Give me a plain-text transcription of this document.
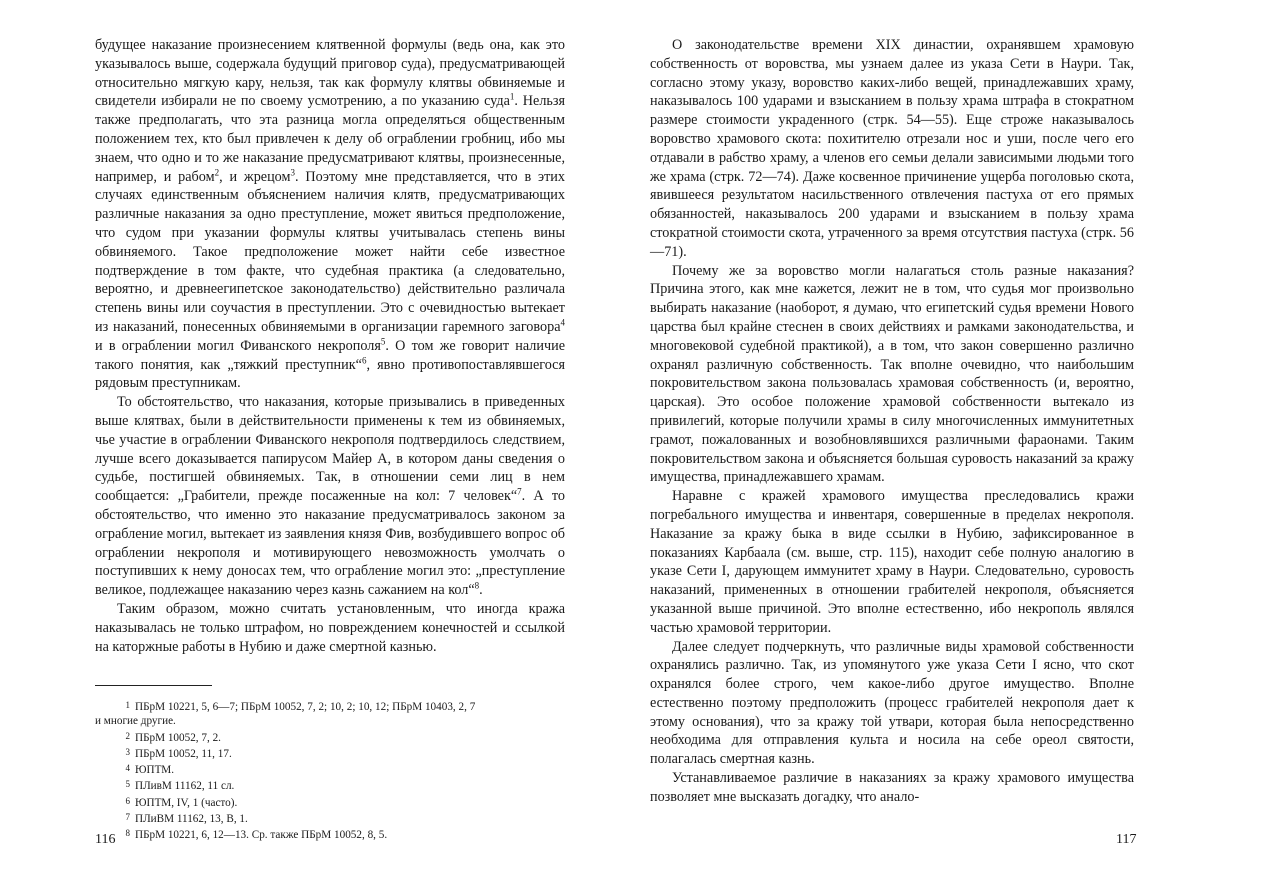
будущее наказание произнесением клятвенной формулы (ведь она, как это указывалось выше, содержала будущий приговор суда), предусматривающей относительно мягкую кару, нельзя, так как формулу клятвы обвиняемые и свидетели избирали не по своему усмотрению, а по указанию суда$^1$. Нельзя также предполагать, что эта разница могла определяться общественным положением тех, кто был привлечен к делу об ограблении гробниц, ибо мы знаем, что одно и то же наказание предусматривают клятвы, произнесенные, например, и рабом$^2$, и жрецом$^3$. Поэтому мне представляется, что в этих случаях единственным объяснением наличия клятв, предусматривающих различные наказания за одно преступление, может явиться предположение, что судом при указании формулы клятвы учитывалась степень вины обвиняемого. Такое предположение может найти себе известное подтверждение в том факте, что судебная практика (а следовательно, вероятно, и древнеегипетское законодательство) действительно различала степень вины или соучастия в преступлении. Это с очевидностью вытекает из наказаний, понесенных обвиняемыми в организации гаремного заговора$^4$ и в ограблении могил Фиванского некрополя$^5$. О том же говорит наличие такого понятия, как „тяжкий преступник“$^6$, явно противопоставлявшегося рядовым преступникам.

То обстоятельство, что наказания, которые призывались в приведенных выше клятвах, были в действительности применены к тем из обвиняемых, чье участие в ограблении Фиванского некрополя подтвердилось следствием, лучше всего доказывается папирусом Майер А, в котором даны сведения о судьбе, постигшей обвиняемых. Так, в отношении семи лиц в нем сообщается: „Грабители, прежде посаженные на кол: 7 человек“$^7$. А то обстоятельство, что именно это наказание предусматривалось законом за ограбление могил, вытекает из заявления князя Фив, возбудившего вопрос об ограблении некрополя и мотивирующего невозможность умолчать о поступивших к нему доносах тем, что ограбление могил это: „преступление великое, подлежащее наказанию через казнь сажанием на кол“$^8$.

Таким образом, можно считать установленным, что иногда кража наказывалась не только штрафом, но повреждением конечностей и ссылкой на каторжные работы в Нубию и даже смертной казнью.

1 ПБрМ 10221, 5, 6—7; ПБрМ 10052, 7, 2; 10, 2; 10, 12; ПБрМ 10403, 2, 7
и многие другие.
2 ПБрМ 10052, 7, 2.
3 ПБрМ 10052, 11, 17.
4 ЮПТМ.
5 ПЛивМ 11162, 11 сл.
6 ЮПТМ, IV, 1 (часто).
7 ПЛиВМ 11162, 13, В, 1.
8 ПБрМ 10221, 6, 12—13. Ср. также ПБрМ 10052, 8, 5.
116

О законодательстве времени XIX династии, охранявшем храмовую собственность от воровства, мы узнаем далее из указа Сети в Наури. Так, согласно этому указу, воровство каких-либо вещей, принадлежавших храму, наказывалось 100 ударами и взысканием в пользу храма штрафа в стократном размере стоимости украденного (стрк. 54—55). Еще строже наказывалось воровство храмового скота: похитителю отрезали нос и уши, после чего его отдавали в рабство храму, а членов его семьи делали зависимыми людьми того же храма (стрк. 72—74). Даже косвенное причинение ущерба поголовью скота, явившееся результатом насильственного отвлечения пастуха от его прямых обязанностей, наказывалось 200 ударами и взысканием в пользу храма стократной стоимости скота, утраченного за время отсутствия пастуха (стрк. 56—71).

Почему же за воровство могли налагаться столь разные наказания? Причина этого, как мне кажется, лежит не в том, что судья мог произвольно выбирать наказание (наоборот, я думаю, что египетский судья времени Нового царства был крайне стеснен в своих действиях и рамками законодательства, и многовековой судебной практикой), а в том, что закон совершенно различно охранял различную собственность. Так вполне очевидно, что наибольшим покровительством закона пользовалась храмовая собственность (и, вероятно, царская). Это особое положение храмовой собственности вытекало из привилегий, которые получили храмы в силу многочисленных иммунитетных грамот, пожалованных и возобновлявшихся различными фараонами. Таким покровительством закона и объясняется большая суровость наказаний за кражу имущества, принадлежавшего храмам.

Наравне с кражей храмового имущества преследовались кражи погребального имущества и инвентаря, совершенные в пределах некрополя. Наказание за кражу быка в виде ссылки в Нубию, зафиксированное в показаниях Карбаала (см. выше, стр. 115), находит себе полную аналогию в указе Сети I, дарующем иммунитет храму в Наури. Следовательно, суровость наказаний, примененных в отношении грабителей некрополя, объясняется указанной выше причиной. Это вполне естественно, ибо некрополь являлся частью храмовой территории.

Далее следует подчеркнуть, что различные виды храмовой собственности охранялись различно. Так, из упомянутого уже указа Сети I ясно, что скот охранялся более строго, чем какое-либо другое имущество. Вполне естественно поэтому предположить (процесс грабителей некрополя дает к этому основания), что за кражу той утвари, которая была непосредственно необходима для отправления культа и носила на себе ореол святости, полагалась смертная казнь.

Устанавливаемое различие в наказаниях за кражу храмового имущества позволяет мне высказать догадку, что анало-

117
